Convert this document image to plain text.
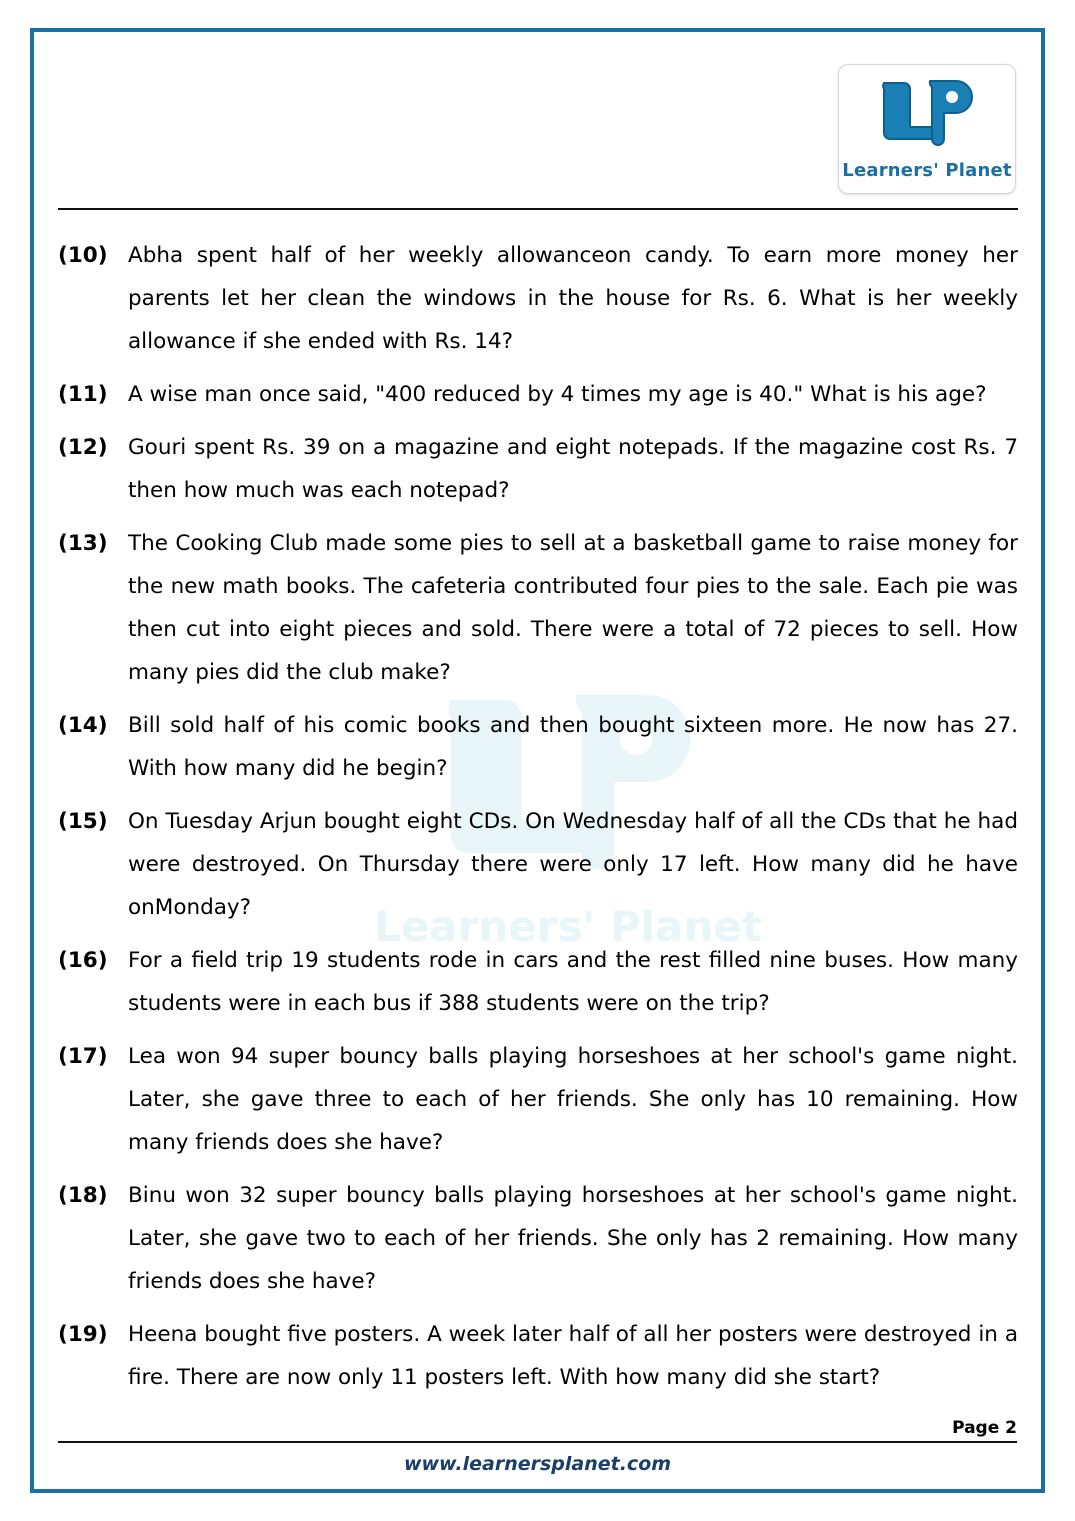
Learners' Planet
Learners' Planet
(10) Abha spent half of her weekly allowanceon candy. To earn more money her parents let her clean the windows in the house for Rs. 6. What is her weekly allowance if she ended with Rs. 14?
(11) A wise man once said, "400 reduced by 4 times my age is 40." What is his age?
(12) Gouri spent Rs. 39 on a magazine and eight notepads. If the magazine cost Rs. 7 then how much was each notepad?
(13) The Cooking Club made some pies to sell at a basketball game to raise money for the new math books. The cafeteria contributed four pies to the sale. Each pie was then cut into eight pieces and sold. There were a total of 72 pieces to sell. How many pies did the club make?
(14) Bill sold half of his comic books and then bought sixteen more. He now has 27. With how many did he begin?
(15) On Tuesday Arjun bought eight CDs. On Wednesday half of all the CDs that he had were destroyed. On Thursday there were only 17 left. How many did he have onMonday?
(16) For a field trip 19 students rode in cars and the rest filled nine buses. How many students were in each bus if 388 students were on the trip?
(17) Lea won 94 super bouncy balls playing horseshoes at her school's game night. Later, she gave three to each of her friends. She only has 10 remaining. How many friends does she have?
(18) Binu won 32 super bouncy balls playing horseshoes at her school's game night. Later, she gave two to each of her friends. She only has 2 remaining. How many friends does she have?
(19) Heena bought five posters. A week later half of all her posters were destroyed in a fire. There are now only 11 posters left. With how many did she start?
Page 2
www.learnersplanet.com
